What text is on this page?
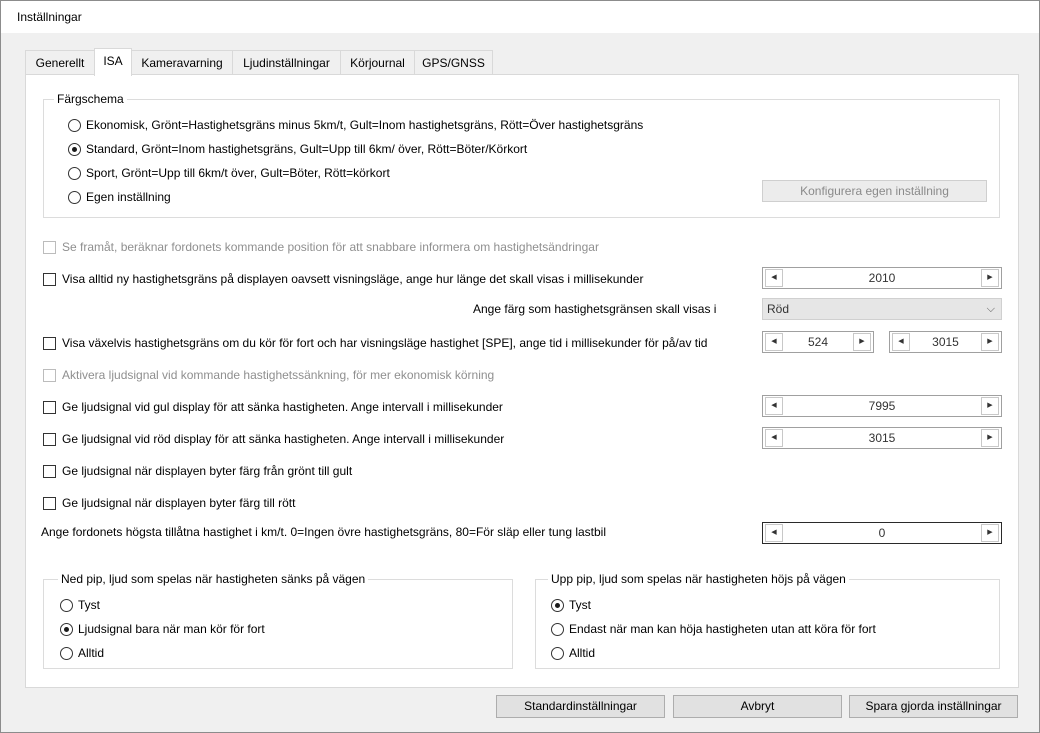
Inställningar
Generellt	ISA	Kameravarning	Ljudinställningar	Körjournal	GPS/GNSS
Färgschema
Ekonomisk, Grönt=Hastighetsgräns minus 5km/t, Gult=Inom hastighetsgräns, Rött=Över hastighetsgräns
Standard, Grönt=Inom hastighetsgräns, Gult=Upp till 6km/ över, Rött=Böter/Körkort
Sport, Grönt=Upp till 6km/t över, Gult=Böter, Rött=körkort
Egen inställning	Konfigurera egen inställning
Se framåt, beräknar fordonets kommande position för att snabbare informera om hastighetsändringar
Visa alltid ny hastighetsgräns på displayen oavsett visningsläge, ange hur länge det skall visas i millisekunder	2010
◀	▶
Ange färg som hastighetsgränsen skall visas i	Röd	⌵
Visa växelvis hastighetsgräns om du kör för fort och har visningsläge hastighet [SPE], ange tid i millisekunder för på/av tid	524
◀	▶	3015
◀	▶
Aktivera ljudsignal vid kommande hastighetssänkning, för mer ekonomisk körning
Ge ljudsignal vid gul display för att sänka hastigheten. Ange intervall i millisekunder	7995
◀	▶
Ge ljudsignal vid röd display för att sänka hastigheten. Ange intervall i millisekunder	3015
◀	▶
Ge ljudsignal när displayen byter färg från grönt till gult
Ge ljudsignal när displayen byter färg till rött
Ange fordonets högsta tillåtna hastighet i km/t. 0=Ingen övre hastighetsgräns, 80=För släp eller tung lastbil	0
◀	▶
Ned pip, ljud som spelas när hastigheten sänks på vägen
Tyst
Ljudsignal bara när man kör för fort
Alltid
Upp pip, ljud som spelas när hastigheten höjs på vägen
Tyst
Endast när man kan höja hastigheten utan att köra för fort
Alltid
Standardinställningar	Avbryt	Spara gjorda inställningar
